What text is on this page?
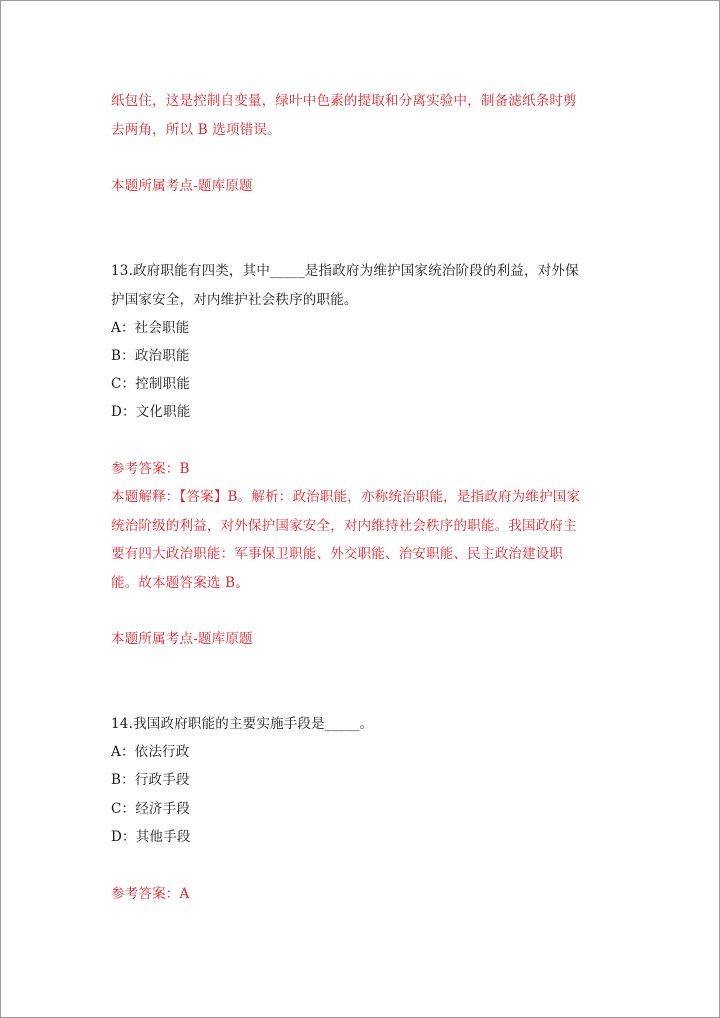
纸包住，这是控制自变量，绿叶中色素的提取和分离实验中，制备滤纸条时剪
去两角，所以 B 选项错误。
本题所属考点-题库原题
13.政府职能有四类，其中_____是指政府为维护国家统治阶段的利益，对外保
护国家安全，对内维护社会秩序的职能。
A：社会职能
B：政治职能
C：控制职能
D：文化职能
参考答案：B
本题解释：【答案】B。解析：政治职能，亦称统治职能，是指政府为维护国家
统治阶级的利益，对外保护国家安全，对内维持社会秩序的职能。我国政府主
要有四大政治职能：军事保卫职能、外交职能、治安职能、民主政治建设职
能。故本题答案选 B。
本题所属考点-题库原题
14.我国政府职能的主要实施手段是_____。
A：依法行政
B：行政手段
C：经济手段
D：其他手段
参考答案：A
